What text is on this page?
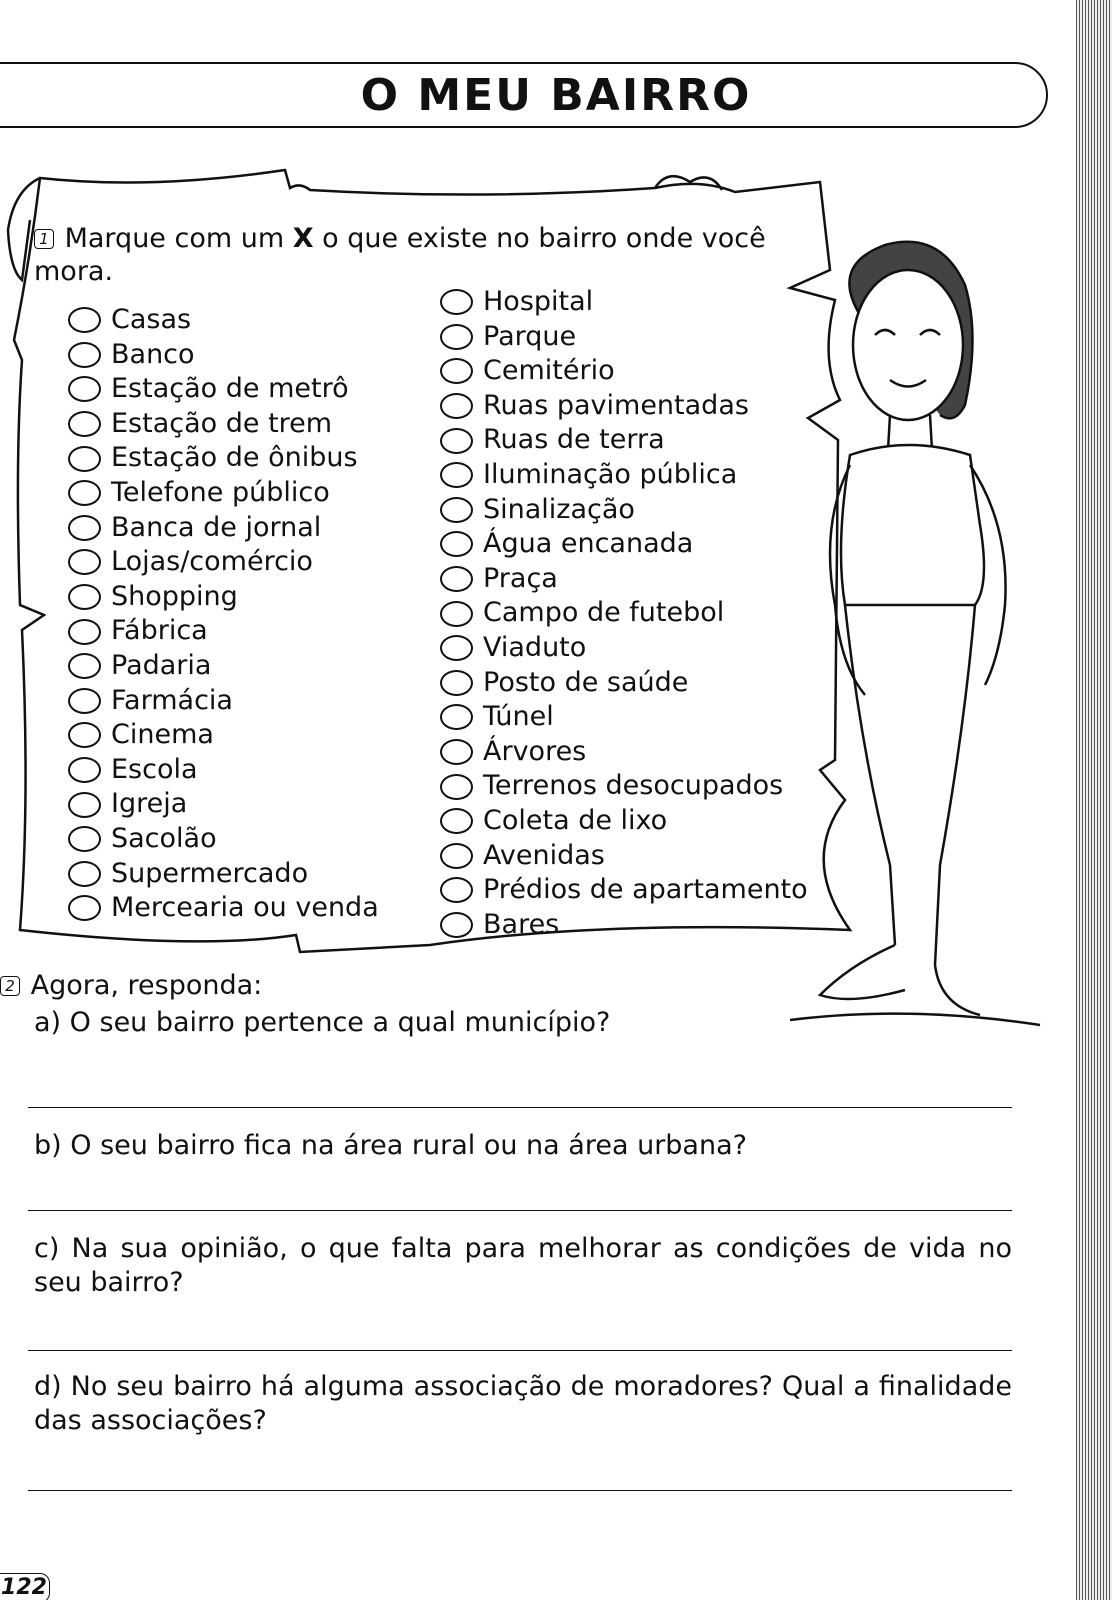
O MEU BAIRRO

1 Marque com um X o que existe no bairro onde você mora.

Casas
Banco
Estação de metrô
Estação de trem
Estação de ônibus
Telefone público
Banca de jornal
Lojas/comércio
Shopping
Fábrica
Padaria
Farmácia
Cinema
Escola
Igreja
Sacolão
Supermercado
Mercearia ou venda
Hospital
Parque
Cemitério
Ruas pavimentadas
Ruas de terra
Iluminação pública
Sinalização
Água encanada
Praça
Campo de futebol
Viaduto
Posto de saúde
Túnel
Árvores
Terrenos desocupados
Coleta de lixo
Avenidas
Prédios de apartamento
Bares

2 Agora, responda:

a) O seu bairro pertence a qual município?

b) O seu bairro fica na área rural ou na área urbana?

c) Na sua opinião, o que falta para melhorar as condições de vida no seu bairro?

d) No seu bairro há alguma associação de moradores? Qual a finalidade das associações?

122
